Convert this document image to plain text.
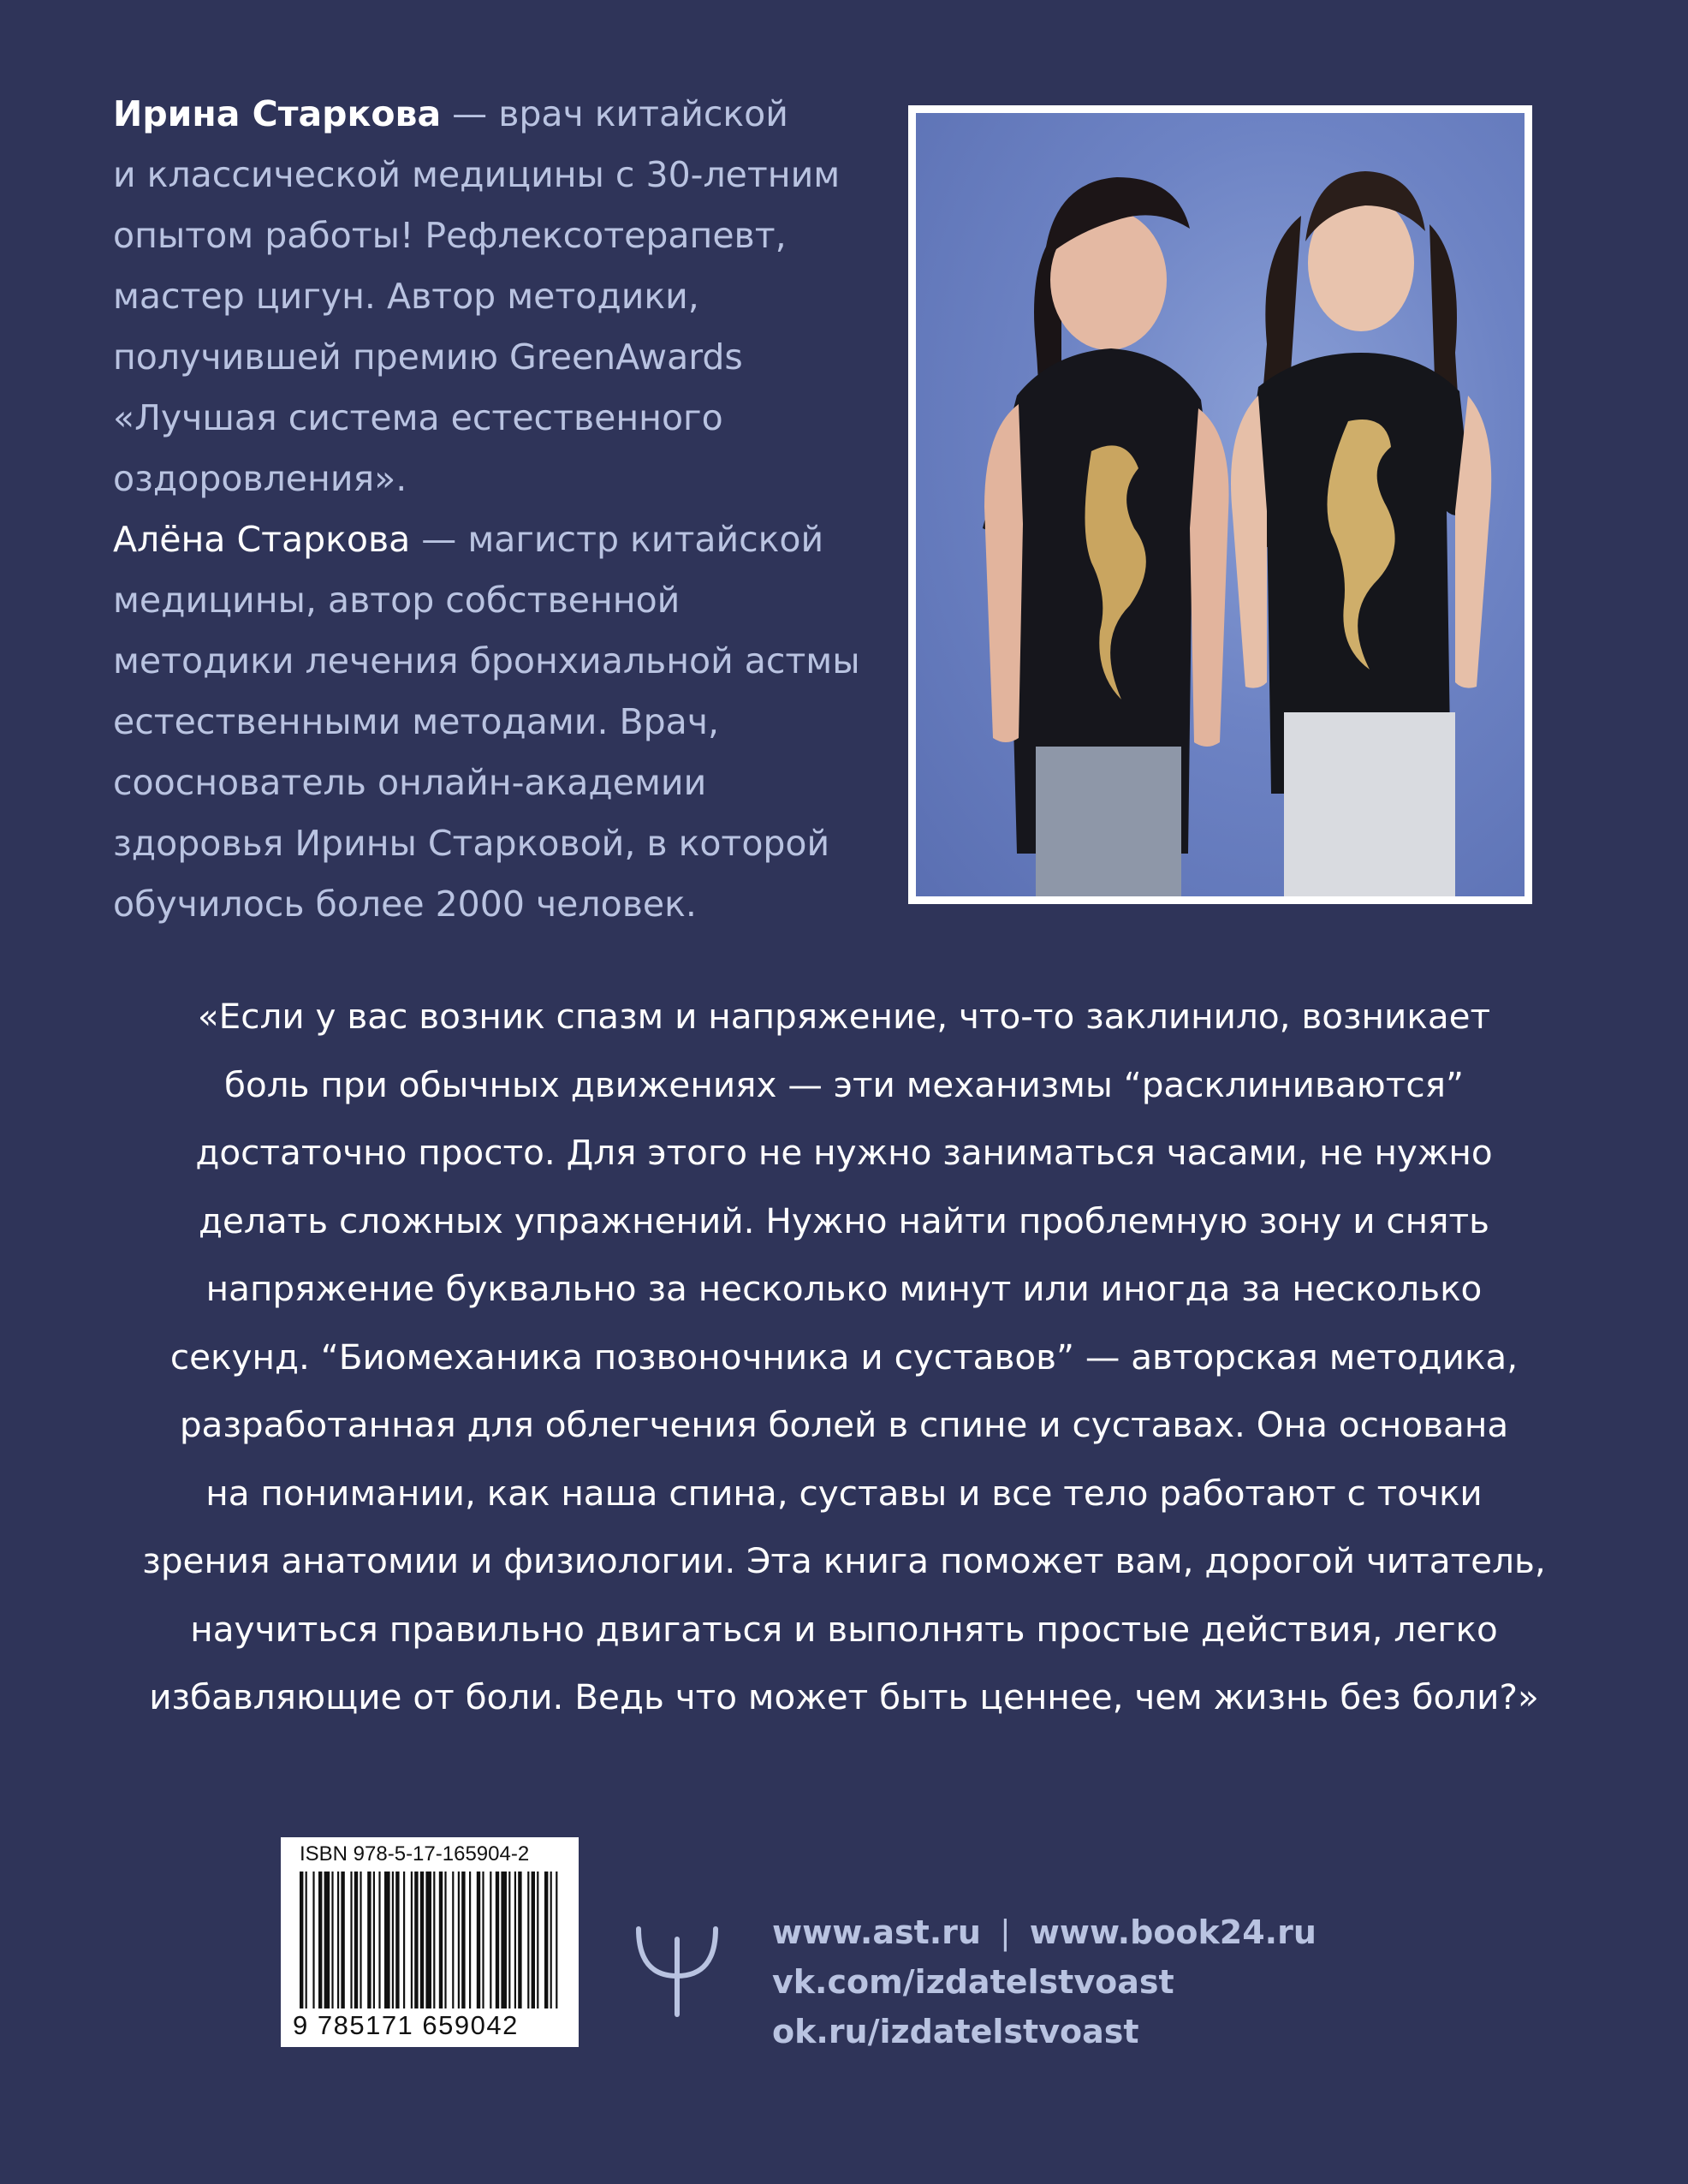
Ирина Старкова — врач китайской

и классической медицины с 30-летним

опытом работы! Рефлексотерапевт,

мастер цигун. Автор методики,

получившей премию GreenAwards

«Лучшая система естественного

оздоровления».

Алёна Старкова — магистр китайской

медицины, автор собственной

методики лечения бронхиальной астмы

естественными методами. Врач,

сооснователь онлайн-академии

здоровья Ирины Старковой, в которой

обучилось более 2000 человек.

«Если у вас возник спазм и напряжение, что-то заклинило, возникает
боль при обычных движениях — эти механизмы “расклиниваются”
достаточно просто. Для этого не нужно заниматься часами, не нужно
делать сложных упражнений. Нужно найти проблемную зону и снять
напряжение буквально за несколько минут или иногда за несколько
секунд. “Биомеханика позвоночника и суставов” — авторская методика,
разработанная для облегчения болей в спине и суставах. Она основана
на понимании, как наша спина, суставы и все тело работают с точки
зрения анатомии и физиологии. Эта книга поможет вам, дорогой читатель,
научиться правильно двигаться и выполнять простые действия, легко
избавляющие от боли. Ведь что может быть ценнее, чем жизнь без боли?»
ISBN 978-5-17-165904-2
9 785171 659042
www.ast.ru | www.book24.ru
vk.com/izdatelstvoast
ok.ru/izdatelstvoast
